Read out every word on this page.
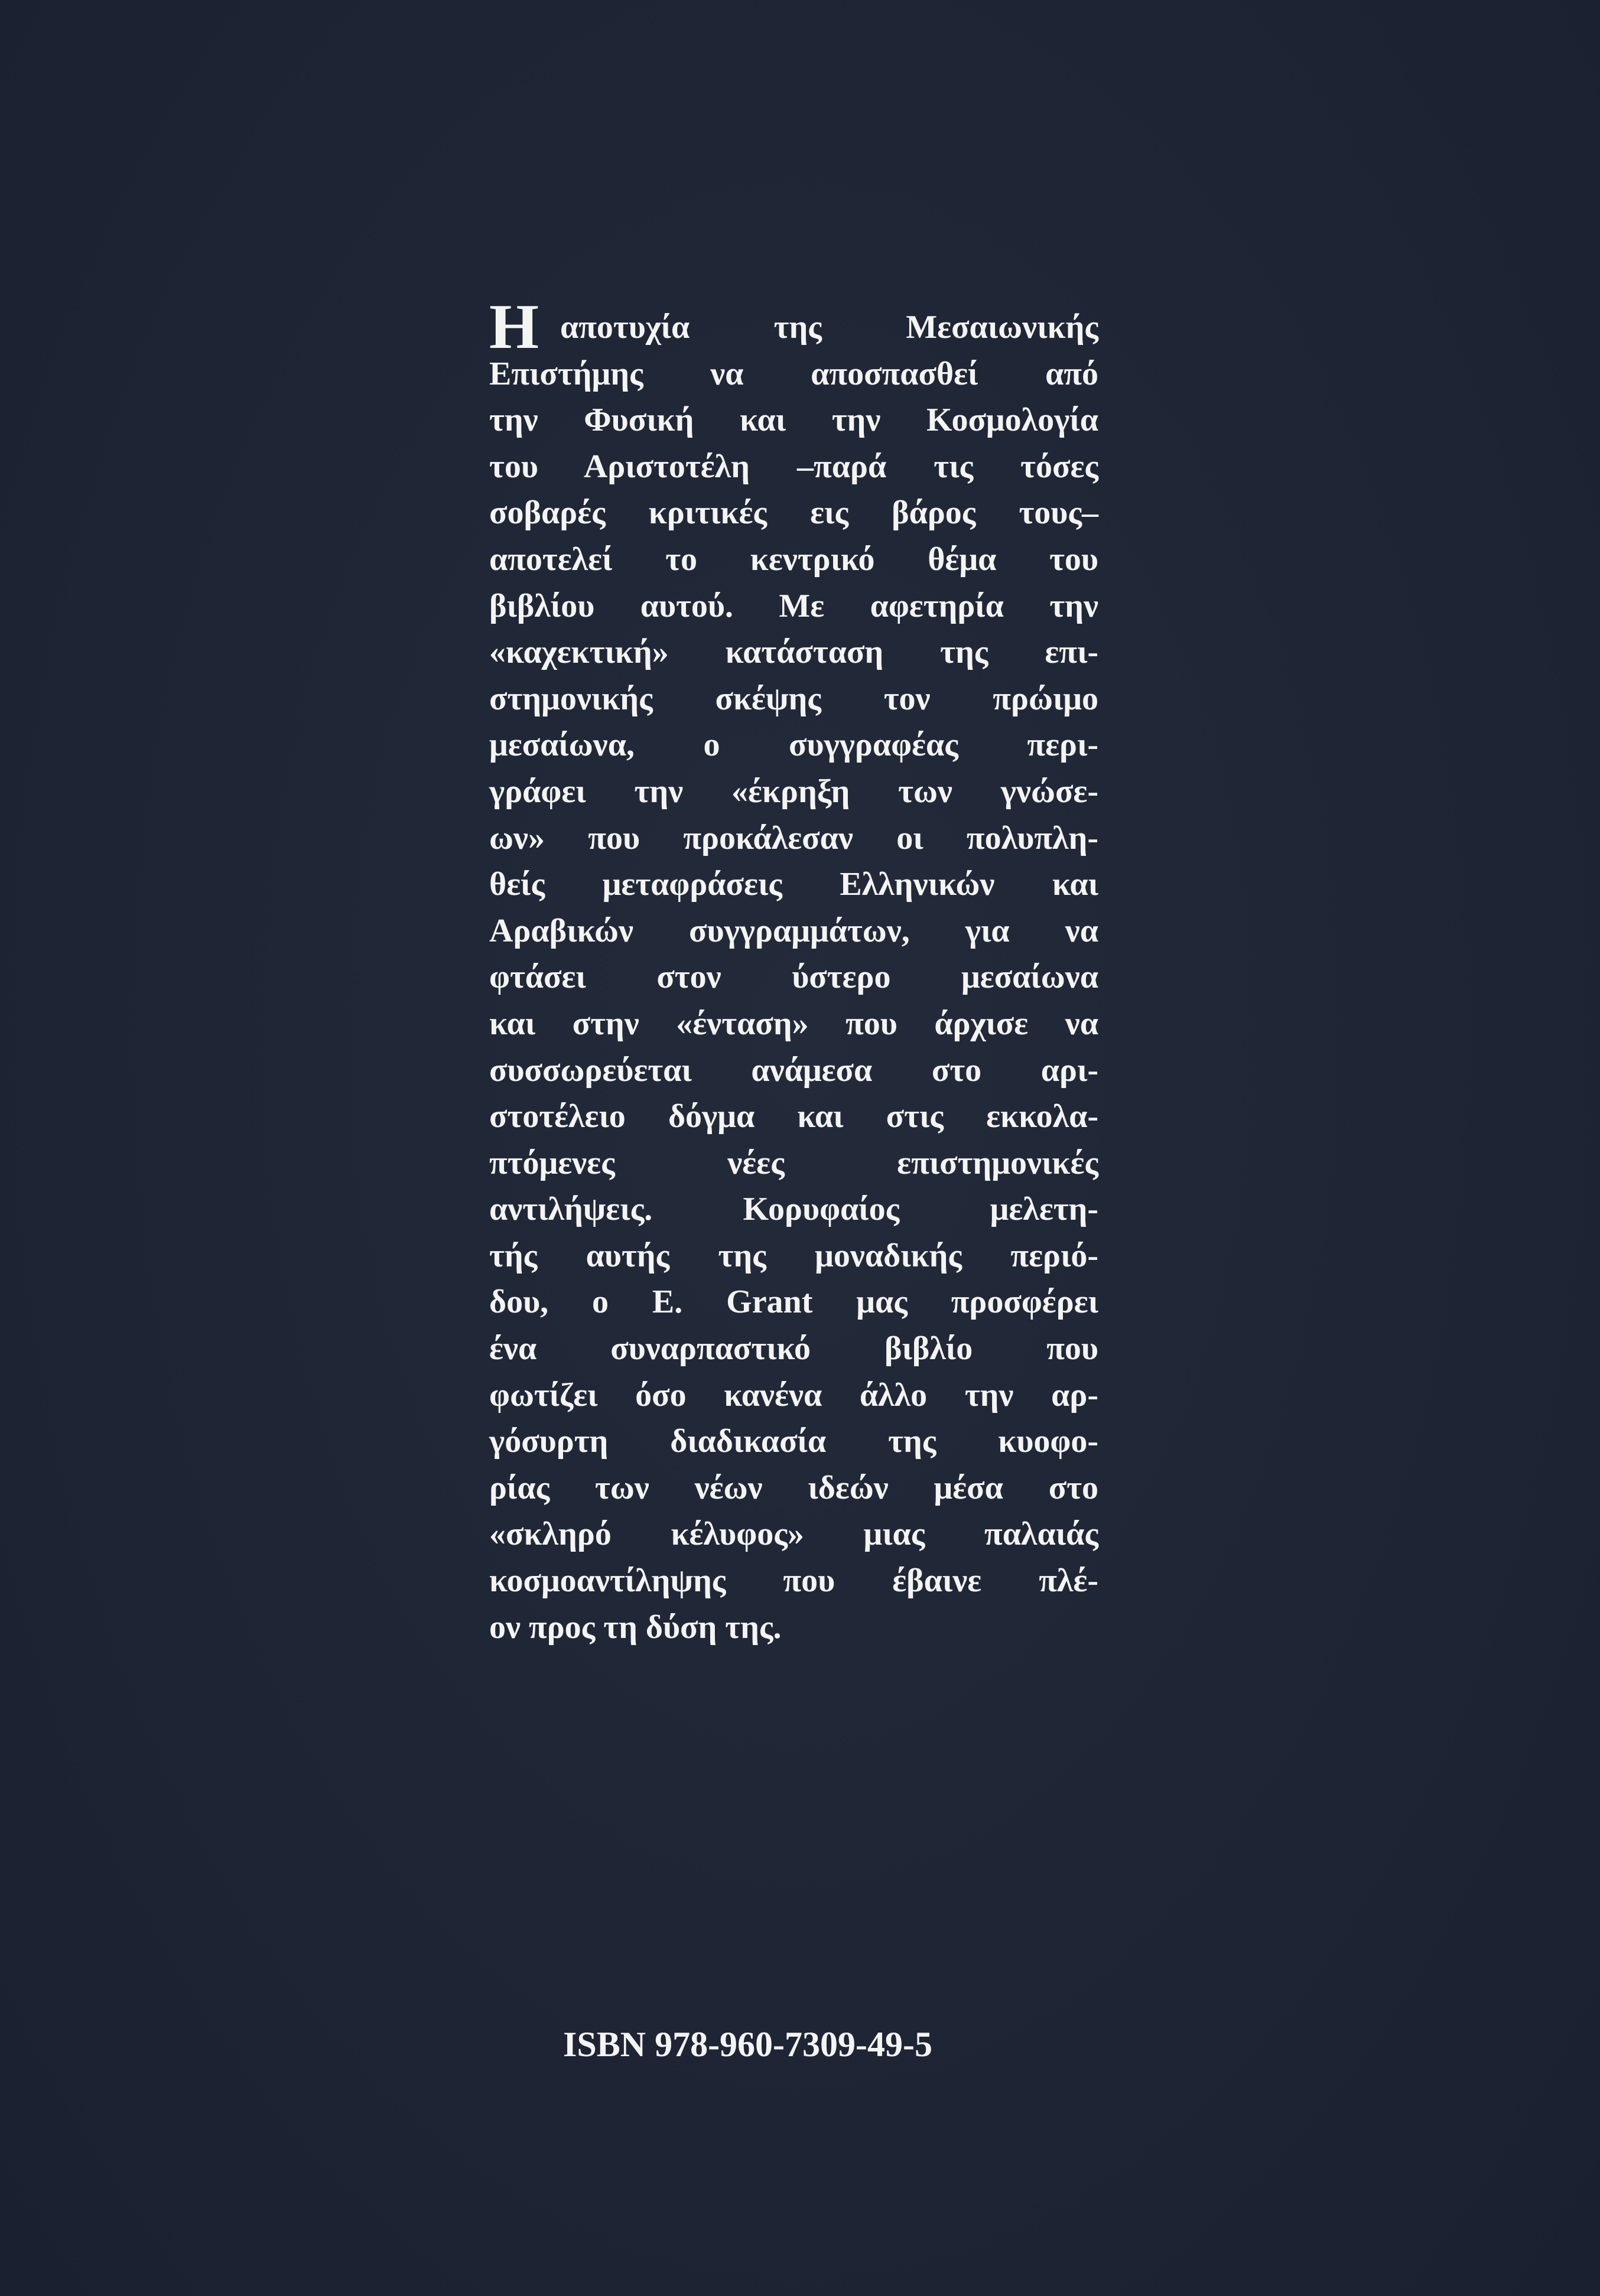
Η αποτυχία της Μεσαιωνικής
Επιστήμης να αποσπασθεί από
την Φυσική και την Κοσμολογία
του Αριστοτέλη –παρά τις τόσες
σοβαρές κριτικές εις βάρος τους–
αποτελεί το κεντρικό θέμα του
βιβλίου αυτού. Με αφετηρία την
«καχεκτική» κατάσταση της επι-
στημονικής σκέψης τον πρώιμο
μεσαίωνα, ο συγγραφέας περι-
γράφει την «έκρηξη των γνώσε-
ων» που προκάλεσαν οι πολυπλη-
θείς μεταφράσεις Ελληνικών και
Αραβικών συγγραμμάτων, για να
φτάσει στον ύστερο μεσαίωνα
και στην «ένταση» που άρχισε να
συσσωρεύεται ανάμεσα στο αρι-
στοτέλειο δόγμα και στις εκκολα-
πτόμενες νέες επιστημονικές
αντιλήψεις. Κορυφαίος μελετη-
τής αυτής της μοναδικής περιό-
δου, ο E. Grant μας προσφέρει
ένα συναρπαστικό βιβλίο που
φωτίζει όσο κανένα άλλο την αρ-
γόσυρτη διαδικασία της κυοφο-
ρίας των νέων ιδεών μέσα στο
«σκληρό κέλυφος» μιας παλαιάς
κοσμοαντίληψης που έβαινε πλέ-
ον προς τη δύση της.
ISBN 978-960-7309-49-5
